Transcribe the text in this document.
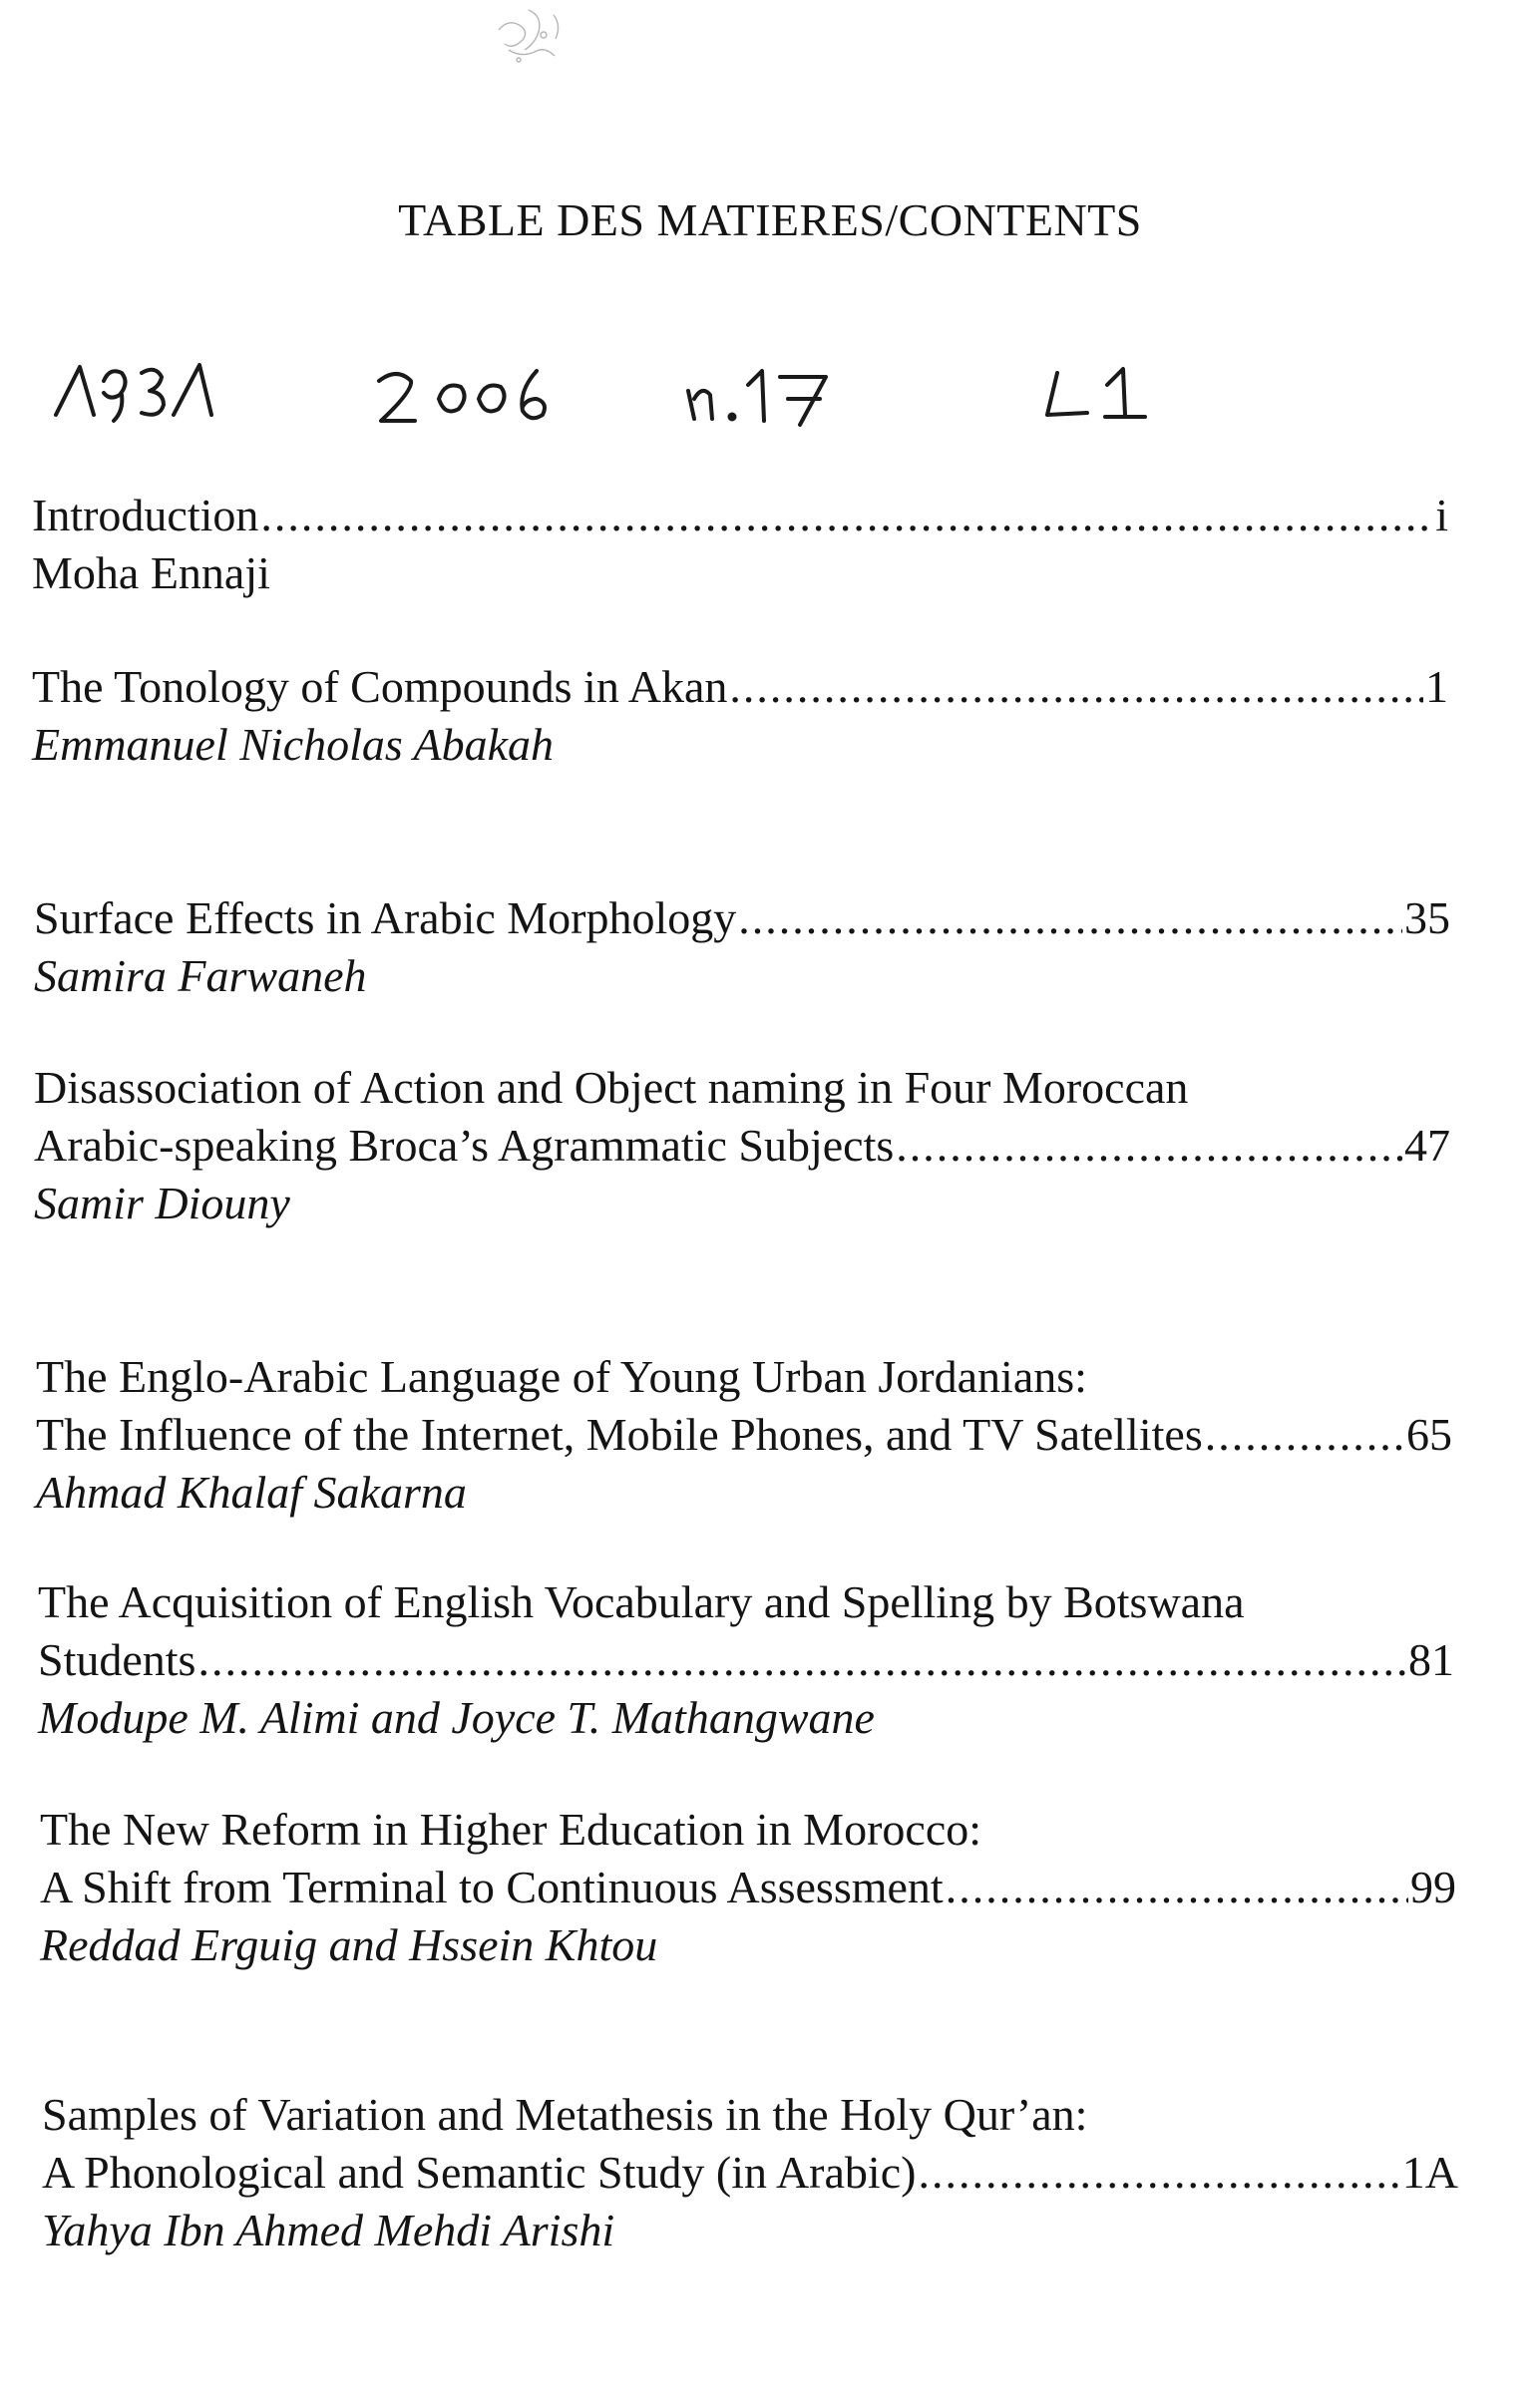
TABLE DES MATIERES/CONTENTS
Introduction .....	i
Moha Ennaji
The Tonology of Compounds in Akan .....	1
Emmanuel Nicholas Abakah
Surface Effects in Arabic Morphology .....	35
Samira Farwaneh
Disassociation of Action and Object naming in Four Moroccan
Arabic-speaking Broca’s Agrammatic Subjects .....	47
Samir Diouny
The Englo-Arabic Language of Young Urban Jordanians:
The Influence of the Internet, Mobile Phones, and TV Satellites .....	65
Ahmad Khalaf Sakarna
The Acquisition of English Vocabulary and Spelling by Botswana
Students .....	81
Modupe M. Alimi and Joyce T. Mathangwane
The New Reform in Higher Education in Morocco:
A Shift from Terminal to Continuous Assessment .....	99
Reddad Erguig and Hssein Khtou
Samples of Variation and Metathesis in the Holy Qur’an:
A Phonological and Semantic Study (in Arabic) .....	1A
Yahya Ibn Ahmed Mehdi Arishi
